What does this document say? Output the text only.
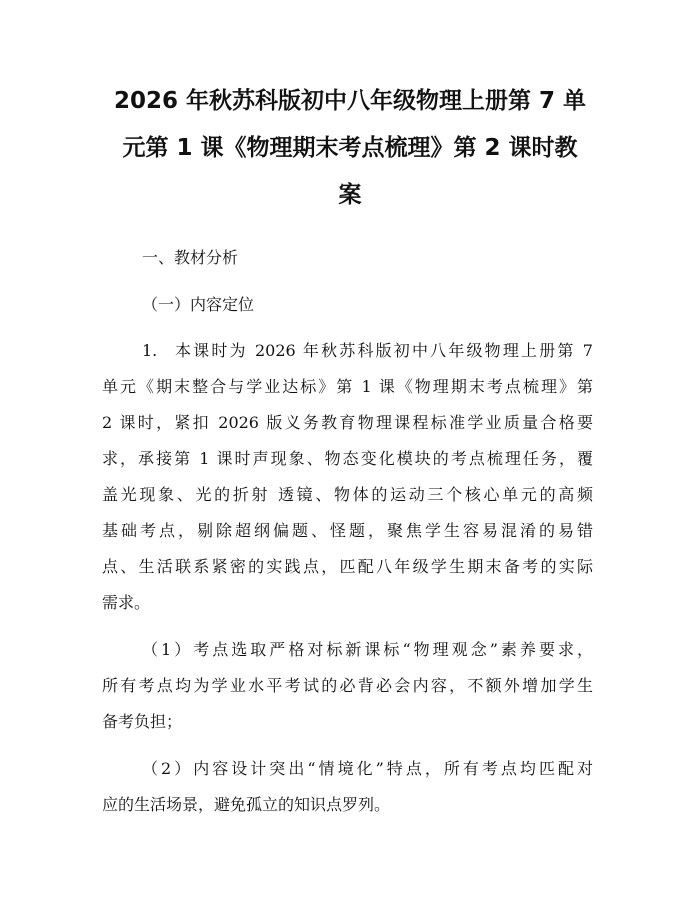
2026 年秋苏科版初中八年级物理上册第 7 单
元第 1 课《物理期末考点梳理》第 2 课时教
案
一、教材分析
（一）内容定位
1. 本课时为 2026 年秋苏科版初中八年级物理上册第 7
单元《期末整合与学业达标》第 1 课《物理期末考点梳理》第
2 课时，紧扣 2026 版义务教育物理课程标准学业质量合格要
求，承接第 1 课时声现象、物态变化模块的考点梳理任务，覆
盖光现象、光的折射 透镜、物体的运动三个核心单元的高频
基础考点，剔除超纲偏题、怪题，聚焦学生容易混淆的易错
点、生活联系紧密的实践点，匹配八年级学生期末备考的实际
需求。
（1）考点选取严格对标新课标“物理观念”素养要求，
所有考点均为学业水平考试的必背必会内容，不额外增加学生
备考负担；
（2）内容设计突出“情境化”特点，所有考点均匹配对
应的生活场景，避免孤立的知识点罗列。
